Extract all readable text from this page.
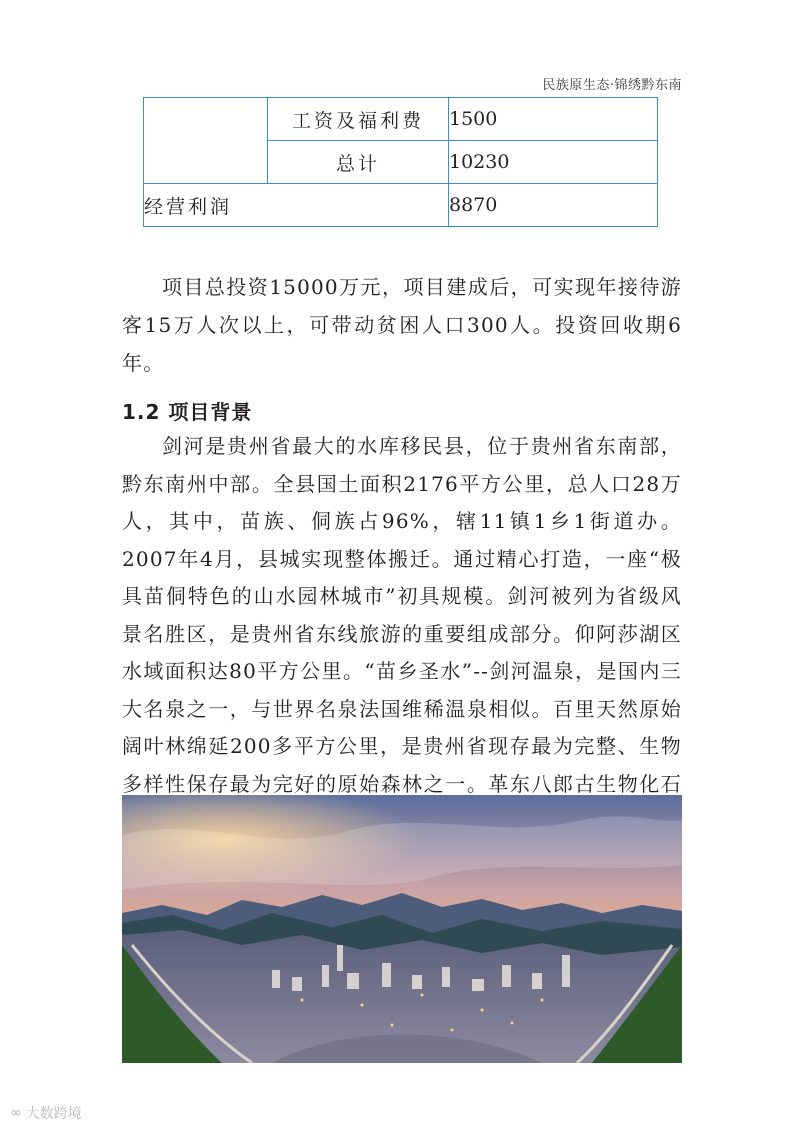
民族原生态·锦绣黔东南
	工资及福利费	1500
	总计	10230
经营利润		8870

项目总投资15000万元，项目建成后，可实现年接待游客15万人次以上，可带动贫困人口300人。投资回收期6年。

1.2 项目背景

剑河是贵州省最大的水库移民县，位于贵州省东南部，黔东南州中部。全县国土面积2176平方公里，总人口28万人，其中，苗族、侗族占96%，辖11镇1乡1街道办。2007年4月，县城实现整体搬迁。通过精心打造，一座“极具苗侗特色的山水园林城市”初具规模。剑河被列为省级风景名胜区，是贵州省东线旅游的重要组成部分。仰阿莎湖区水域面积达80平方公里。“苗乡圣水”--剑河温泉，是国内三大名泉之一，与世界名泉法国维稀温泉相似。百里天然原始阔叶林绵延200多平方公里，是贵州省现存最为完整、生物多样性保存最为完好的原始森林之一。革东八郎古生物化石

∞ 大数跨境
